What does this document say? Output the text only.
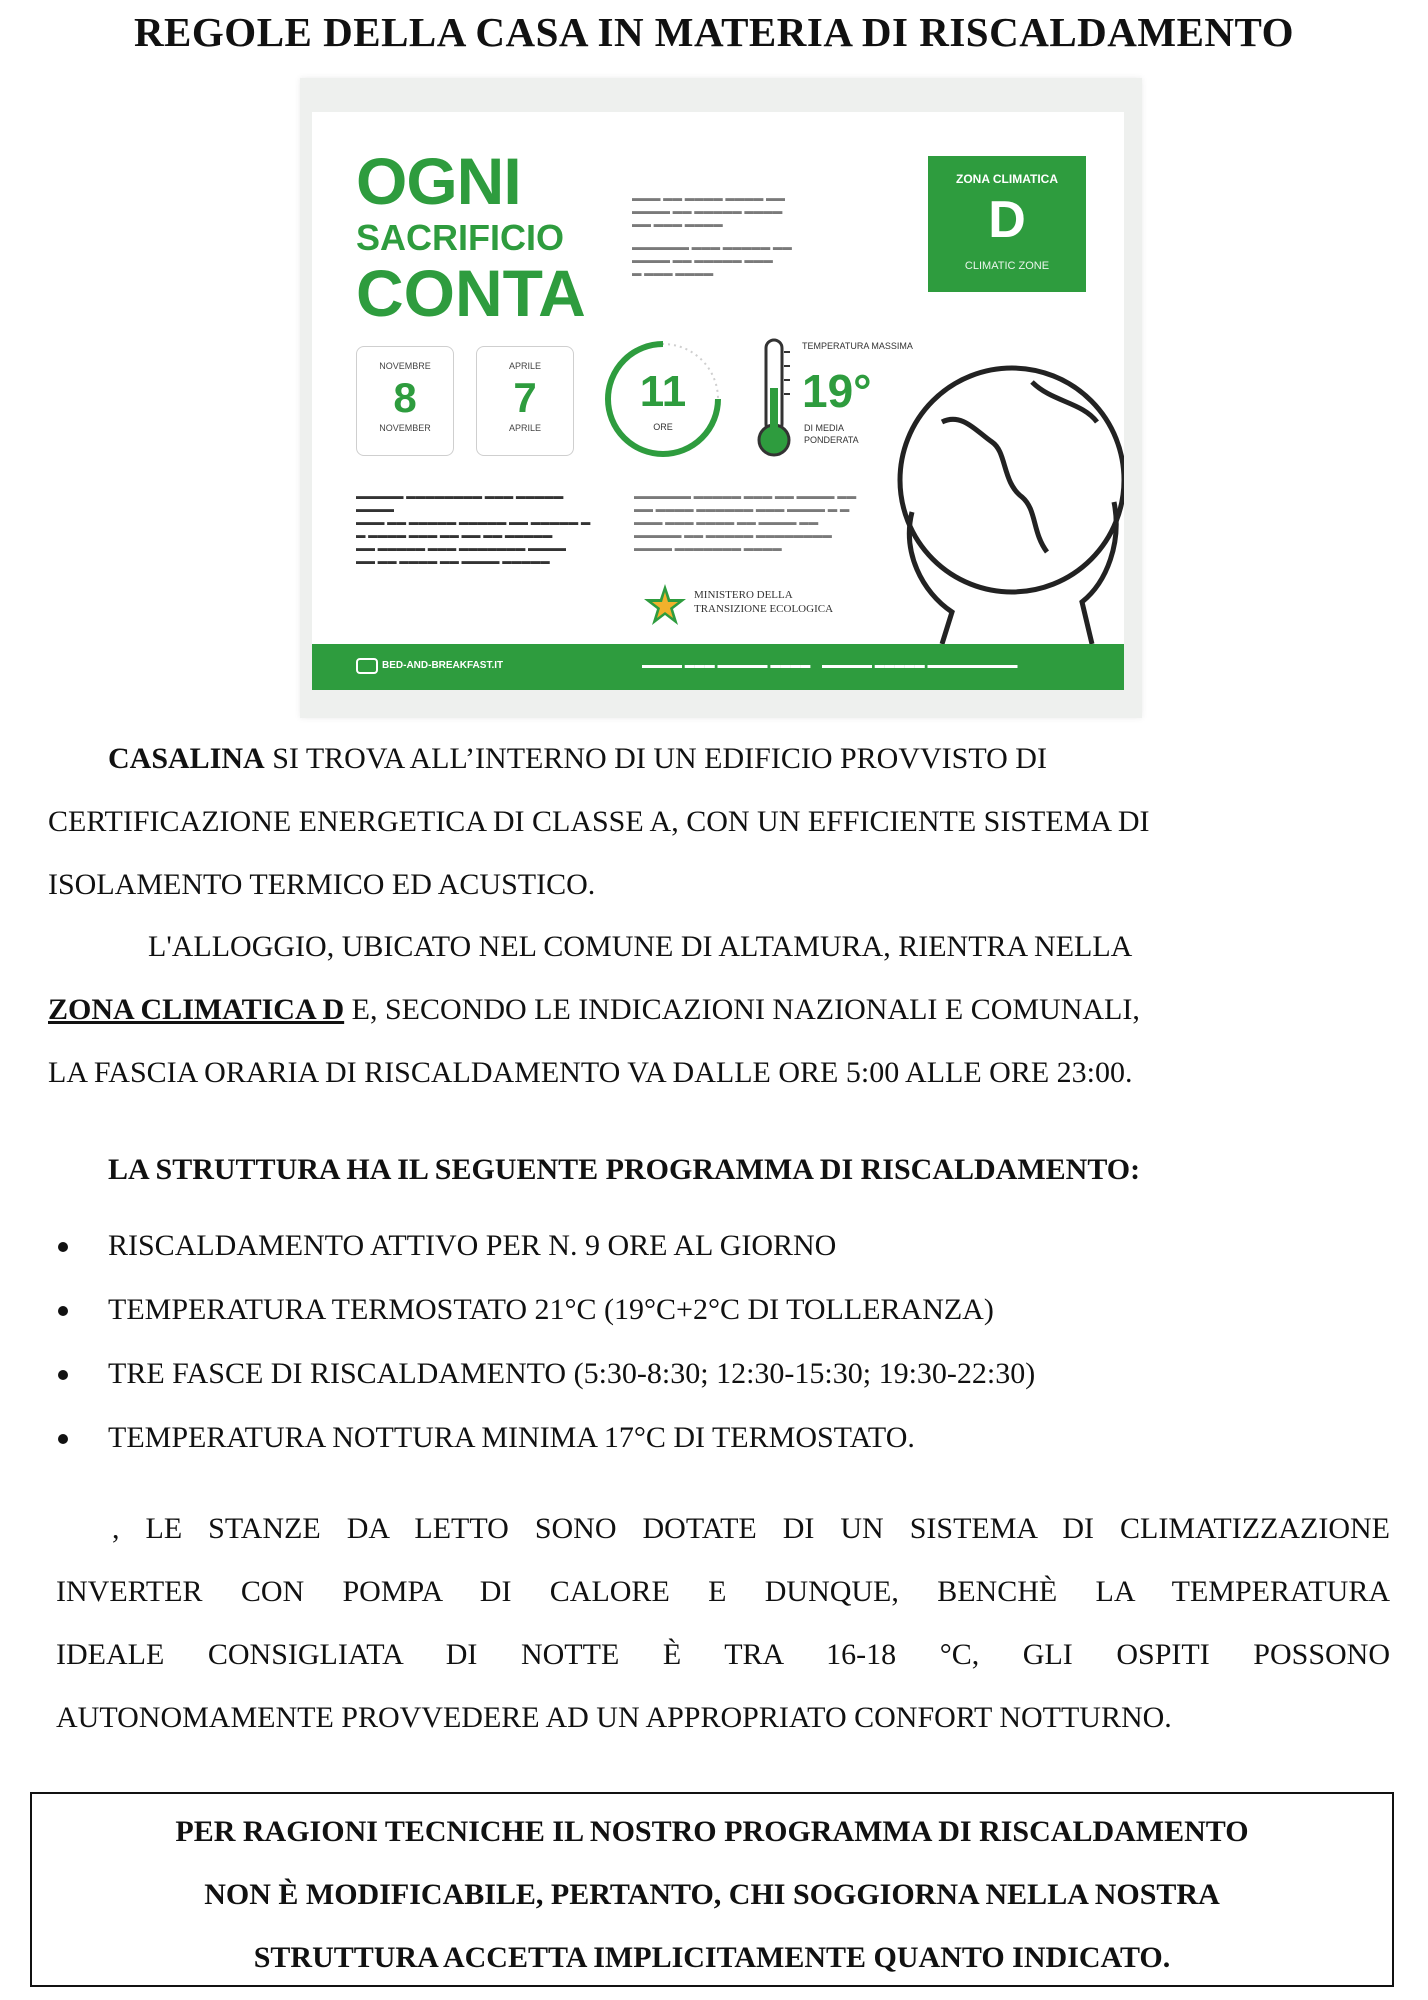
REGOLE DELLA CASA IN MATERIA DI RISCALDAMENTO
OGNI
SACRIFICIO
CONTA

▬▬▬ ▬▬ ▬▬▬▬ ▬▬▬▬ ▬▬
▬▬▬▬ ▬▬ ▬▬▬▬▬ ▬▬▬▬
▬▬ ▬▬▬ ▬▬▬▬

▬▬▬▬▬▬ ▬▬▬ ▬▬▬▬▬ ▬▬
▬▬▬▬ ▬▬ ▬▬▬▬▬ ▬▬▬
▬ ▬▬▬ ▬▬▬▬

ZONA CLIMATICA
D
CLIMATIC ZONE
NOVEMBRE
8
NOVEMBER
APRILE
7
APRILE
11
ORE
TEMPERATURA MASSIMA
19°
DI MEDIA PONDERATA
▬▬▬▬▬ ▬▬▬▬▬▬▬▬ ▬▬▬ ▬▬▬▬▬ ▬▬▬▬
▬▬▬ ▬▬ ▬▬▬▬▬ ▬▬▬▬▬ ▬▬ ▬▬▬▬▬ ▬
▬ ▬▬▬▬ ▬▬▬ ▬▬ ▬▬ ▬▬ ▬▬▬▬▬
▬▬ ▬▬▬▬▬ ▬▬▬ ▬▬▬▬▬▬▬ ▬▬▬▬
▬▬ ▬▬ ▬▬▬▬ ▬▬ ▬▬▬▬ ▬▬▬▬▬
▬▬▬▬▬▬ ▬▬▬▬▬ ▬▬▬ ▬▬ ▬▬▬▬ ▬▬
▬▬ ▬▬▬▬ ▬▬▬▬▬▬ ▬▬▬ ▬▬▬▬ ▬ ▬
▬▬▬ ▬▬▬ ▬▬▬▬ ▬▬ ▬▬▬▬ ▬▬
▬▬▬▬▬ ▬▬ ▬▬▬▬▬ ▬▬▬▬▬▬▬▬
▬▬▬▬ ▬▬▬▬▬▬▬ ▬▬▬▬
MINISTERO DELLA TRANSIZIONE ECOLOGICA
BED-AND-BREAKFAST.IT	▬▬▬▬ ▬▬▬ ▬▬▬▬▬ ▬▬▬▬ ▬▬▬▬▬ ▬▬▬▬▬ ▬▬▬▬▬▬▬▬▬
CASALINA SI TROVA ALL’INTERNO DI UN EDIFICIO PROVVISTO DI
CERTIFICAZIONE ENERGETICA DI CLASSE A, CON UN EFFICIENTE SISTEMA DI
ISOLAMENTO TERMICO ED ACUSTICO.
L'ALLOGGIO, UBICATO NEL COMUNE DI ALTAMURA, RIENTRA NELLA
ZONA CLIMATICA D E, SECONDO LE INDICAZIONI NAZIONALI E COMUNALI,
LA FASCIA ORARIA DI RISCALDAMENTO VA DALLE ORE 5:00 ALLE ORE 23:00.
LA STRUTTURA HA IL SEGUENTE PROGRAMMA DI RISCALDAMENTO:
RISCALDAMENTO ATTIVO PER N. 9 ORE AL GIORNO
TEMPERATURA TERMOSTATO 21°C (19°C+2°C DI TOLLERANZA)
TRE FASCE DI RISCALDAMENTO (5:30-8:30; 12:30-15:30; 19:30-22:30)
TEMPERATURA NOTTURA MINIMA 17°C DI TERMOSTATO.
, LE STANZE DA LETTO SONO DOTATE DI UN SISTEMA DI CLIMATIZZAZIONE
INVERTER CON POMPA DI CALORE E DUNQUE, BENCHÈ LA TEMPERATURA
IDEALE CONSIGLIATA DI NOTTE È TRA 16-18 °C, GLI OSPITI POSSONO
AUTONOMAMENTE PROVVEDERE AD UN APPROPRIATO CONFORT NOTTURNO.
PER RAGIONI TECNICHE IL NOSTRO PROGRAMMA DI RISCALDAMENTO
NON È MODIFICABILE, PERTANTO, CHI SOGGIORNA NELLA NOSTRA
STRUTTURA ACCETTA IMPLICITAMENTE QUANTO INDICATO.
